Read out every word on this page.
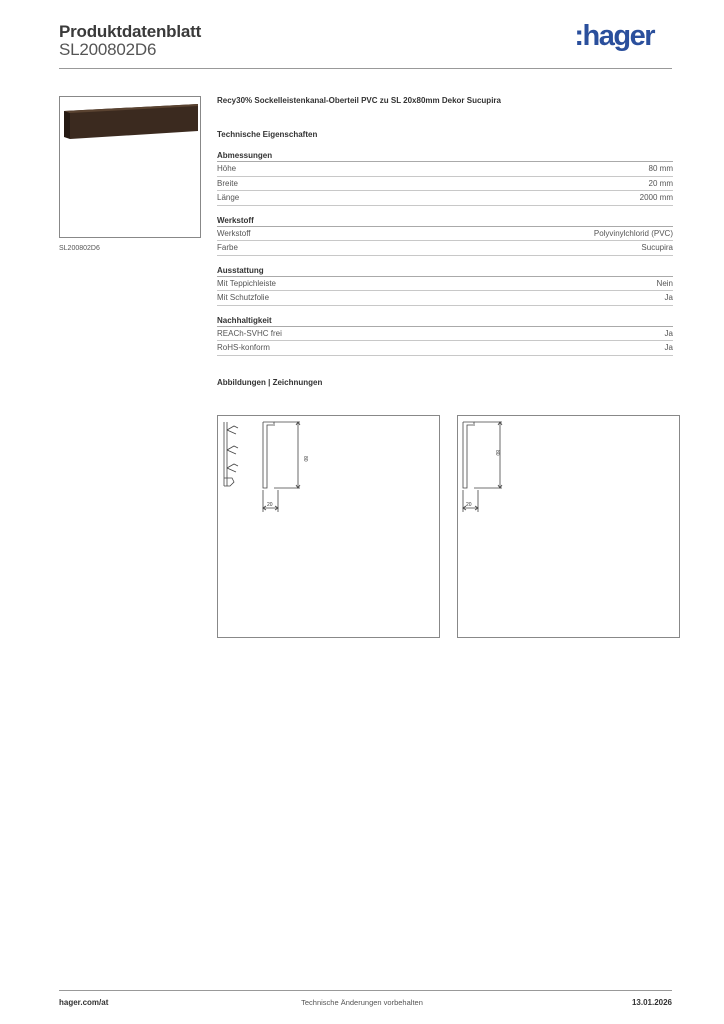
Produktdatenblatt
SL200802D6	:hager
SL200802D6
Recy30% Sockelleistenkanal-Oberteil PVC zu SL 20x80mm Dekor Sucupira
Technische Eigenschaften
Abmessungen
Höhe	80 mm
Breite	20 mm
Länge	2000 mm
Werkstoff
Werkstoff	Polyvinylchlorid (PVC)
Farbe	Sucupira
Ausstattung
Mit Teppichleiste	Nein
Mit Schutzfolie	Ja
Nachhaltigkeit
REACh-SVHC frei	Ja
RoHS-konform	Ja
Abbildungen | Zeichnungen
80
20
80
20
hager.com/at	Technische Änderungen vorbehalten	13.01.2026
